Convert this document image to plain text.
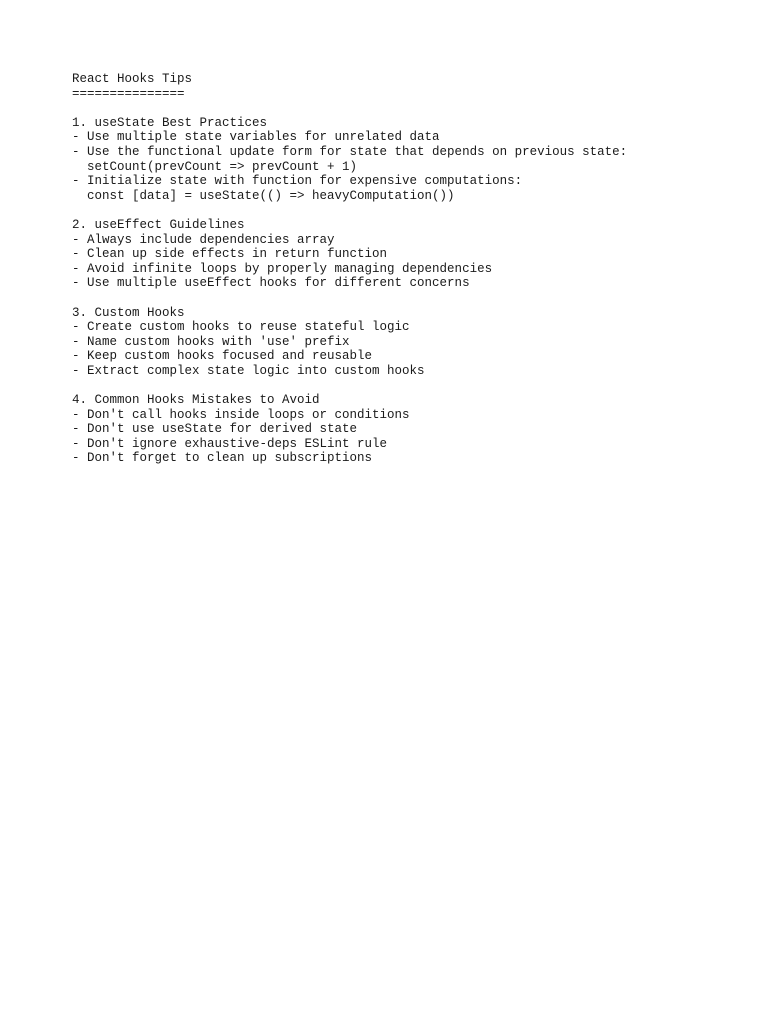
React Hooks Tips
===============
1. useState Best Practices
- Use multiple state variables for unrelated data
- Use the functional update form for state that depends on previous state:
setCount(prevCount => prevCount + 1)
- Initialize state with function for expensive computations:
const [data] = useState(() => heavyComputation())
2. useEffect Guidelines
- Always include dependencies array
- Clean up side effects in return function
- Avoid infinite loops by properly managing dependencies
- Use multiple useEffect hooks for different concerns
3. Custom Hooks
- Create custom hooks to reuse stateful logic
- Name custom hooks with 'use' prefix
- Keep custom hooks focused and reusable
- Extract complex state logic into custom hooks
4. Common Hooks Mistakes to Avoid
- Don't call hooks inside loops or conditions
- Don't use useState for derived state
- Don't ignore exhaustive-deps ESLint rule
- Don't forget to clean up subscriptions
